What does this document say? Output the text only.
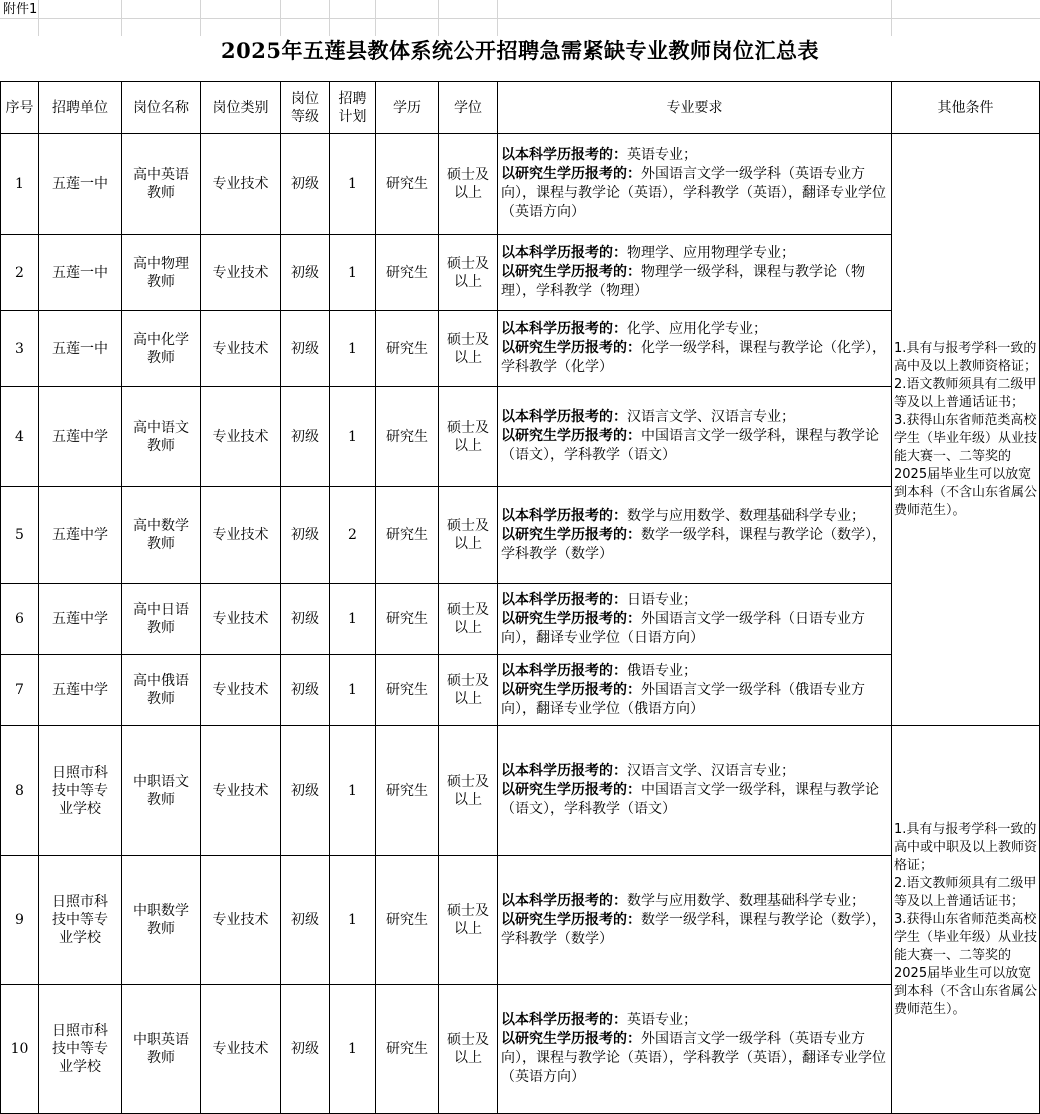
附件1
2025年五莲县教体系统公开招聘急需紧缺专业教师岗位汇总表
序号	招聘单位	岗位名称	岗位类别	岗位等级	招聘计划	学历	学位	专业要求	其他条件
1	五莲一中	高中英语教师	专业技术	初级	1	研究生	硕士及以上	以本科学历报考的：英语专业；
以研究生学历报考的：外国语言文学一级学科（英语专业方向），课程与教学论（英语），学科教学（英语），翻译专业学位（英语方向）	1.具有与报考学科一致的高中及以上教师资格证；
2.语文教师须具有二级甲等及以上普通话证书；
3.获得山东省师范类高校学生（毕业年级）从业技能大赛一、二等奖的2025届毕业生可以放宽到本科（不含山东省属公费师范生）。
2	五莲一中	高中物理教师	专业技术	初级	1	研究生	硕士及以上	以本科学历报考的：物理学、应用物理学专业；
以研究生学历报考的：物理学一级学科，课程与教学论（物理），学科教学（物理）	

3	五莲一中	高中化学教师	专业技术	初级	1	研究生	硕士及以上	以本科学历报考的：化学、应用化学专业；
以研究生学历报考的：化学一级学科，课程与教学论（化学），学科教学（化学）	

4	五莲中学	高中语文教师	专业技术	初级	1	研究生	硕士及以上	以本科学历报考的：汉语言文学、汉语言专业；
以研究生学历报考的：中国语言文学一级学科，课程与教学论（语文），学科教学（语文）	

5	五莲中学	高中数学教师	专业技术	初级	2	研究生	硕士及以上	以本科学历报考的：数学与应用数学、数理基础科学专业；
以研究生学历报考的：数学一级学科，课程与教学论（数学），学科教学（数学）	

6	五莲中学	高中日语教师	专业技术	初级	1	研究生	硕士及以上	以本科学历报考的：日语专业；
以研究生学历报考的：外国语言文学一级学科（日语专业方向），翻译专业学位（日语方向）	

7	五莲中学	高中俄语教师	专业技术	初级	1	研究生	硕士及以上	以本科学历报考的：俄语专业；
以研究生学历报考的：外国语言文学一级学科（俄语专业方向），翻译专业学位（俄语方向）	

8	日照市科技中等专业学校	中职语文教师	专业技术	初级	1	研究生	硕士及以上	以本科学历报考的：汉语言文学、汉语言专业；
以研究生学历报考的：中国语言文学一级学科，课程与教学论（语文），学科教学（语文）	1.具有与报考学科一致的高中或中职及以上教师资格证；
2.语文教师须具有二级甲等及以上普通话证书；
3.获得山东省师范类高校学生（毕业年级）从业技能大赛一、二等奖的2025届毕业生可以放宽到本科（不含山东省属公费师范生）。
9	日照市科技中等专业学校	中职数学教师	专业技术	初级	1	研究生	硕士及以上	以本科学历报考的：数学与应用数学、数理基础科学专业；
以研究生学历报考的：数学一级学科，课程与教学论（数学），学科教学（数学）	

10	日照市科技中等专业学校	中职英语教师	专业技术	初级	1	研究生	硕士及以上	以本科学历报考的：英语专业；
以研究生学历报考的：外国语言文学一级学科（英语专业方向），课程与教学论（英语），学科教学（英语），翻译专业学位（英语方向）	
